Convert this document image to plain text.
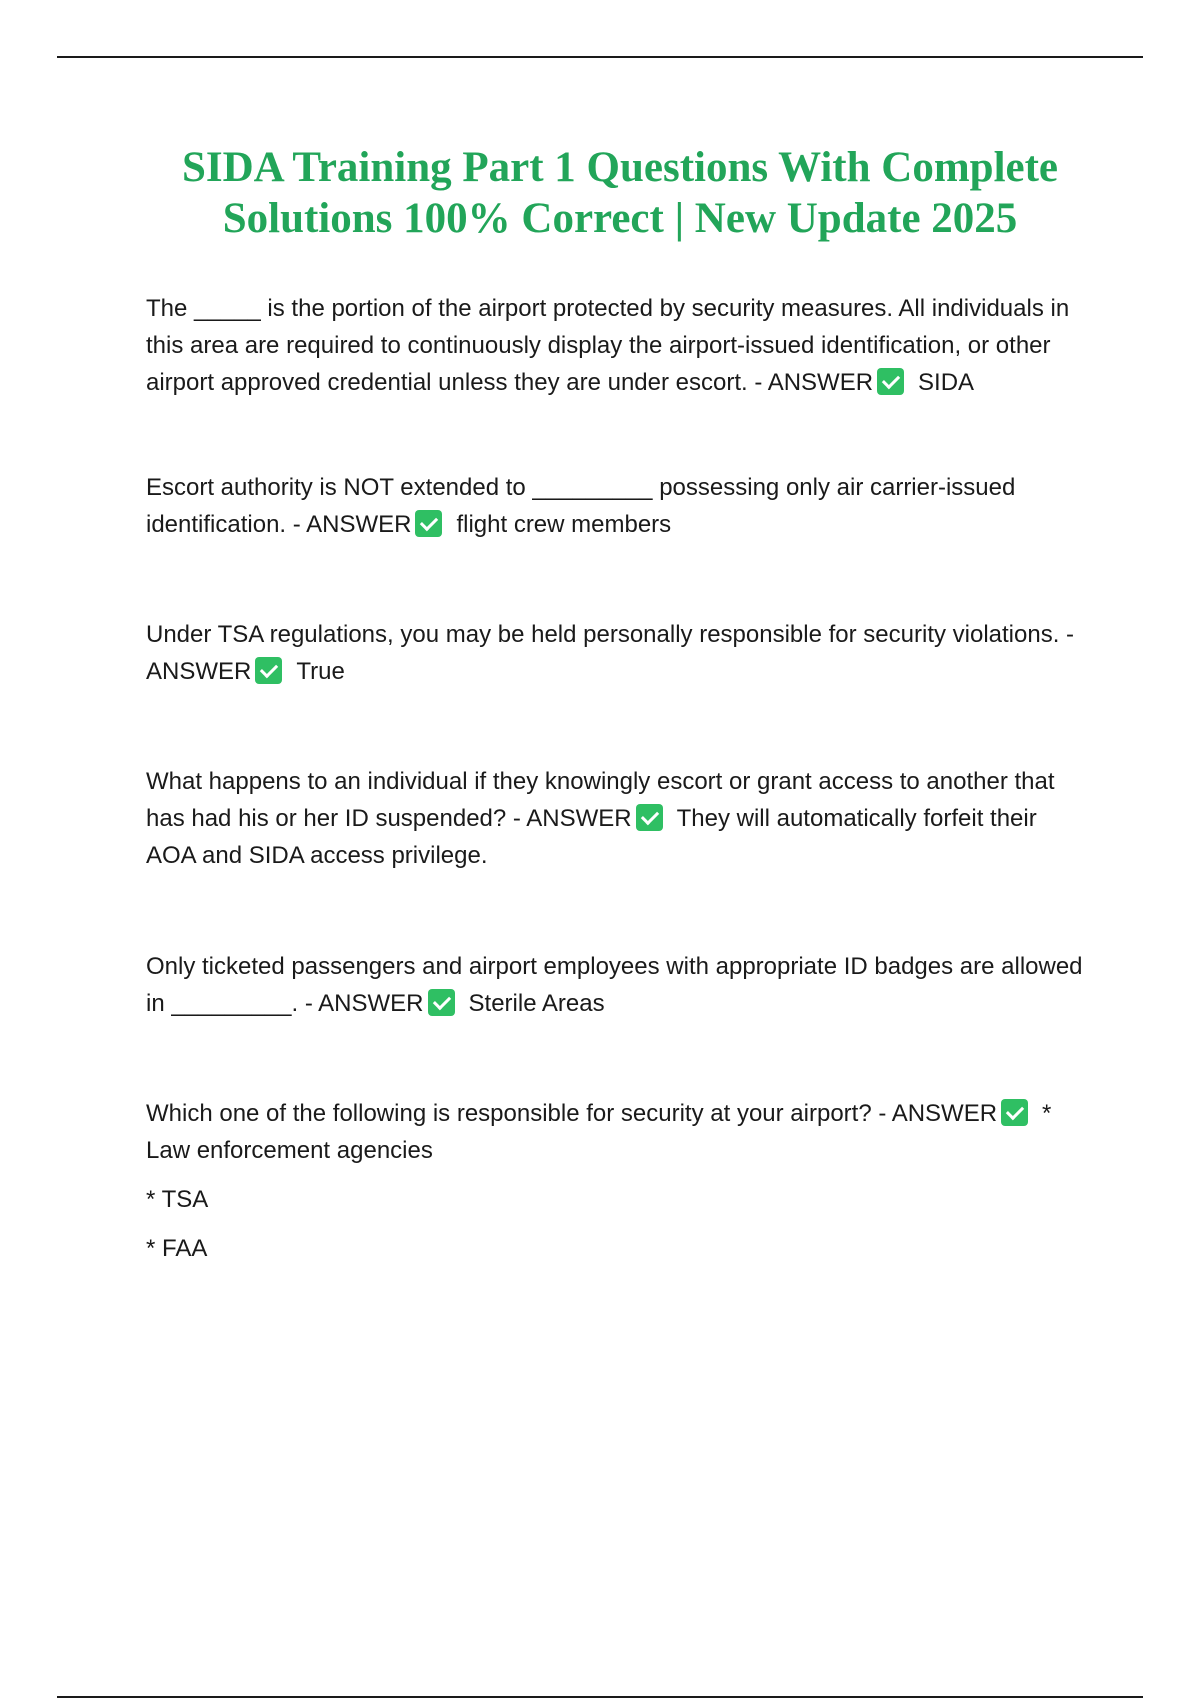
SIDA Training Part 1 Questions With Complete Solutions 100% Correct | New Update 2025

The _____ is the portion of the airport protected by security measures. All individuals in this area are required to continuously display the airport-issued identification, or other airport approved credential unless they are under escort. - ANSWER SIDA

Escort authority is NOT extended to _________ possessing only air carrier-issued identification. - ANSWER flight crew members

Under TSA regulations, you may be held personally responsible for security violations. - ANSWER True

What happens to an individual if they knowingly escort or grant access to another that has had his or her ID suspended? - ANSWER They will automatically forfeit their AOA and SIDA access privilege.

Only ticketed passengers and airport employees with appropriate ID badges are allowed in _________. - ANSWER Sterile Areas

Which one of the following is responsible for security at your airport? - ANSWER * Law enforcement agencies

* TSA

* FAA
